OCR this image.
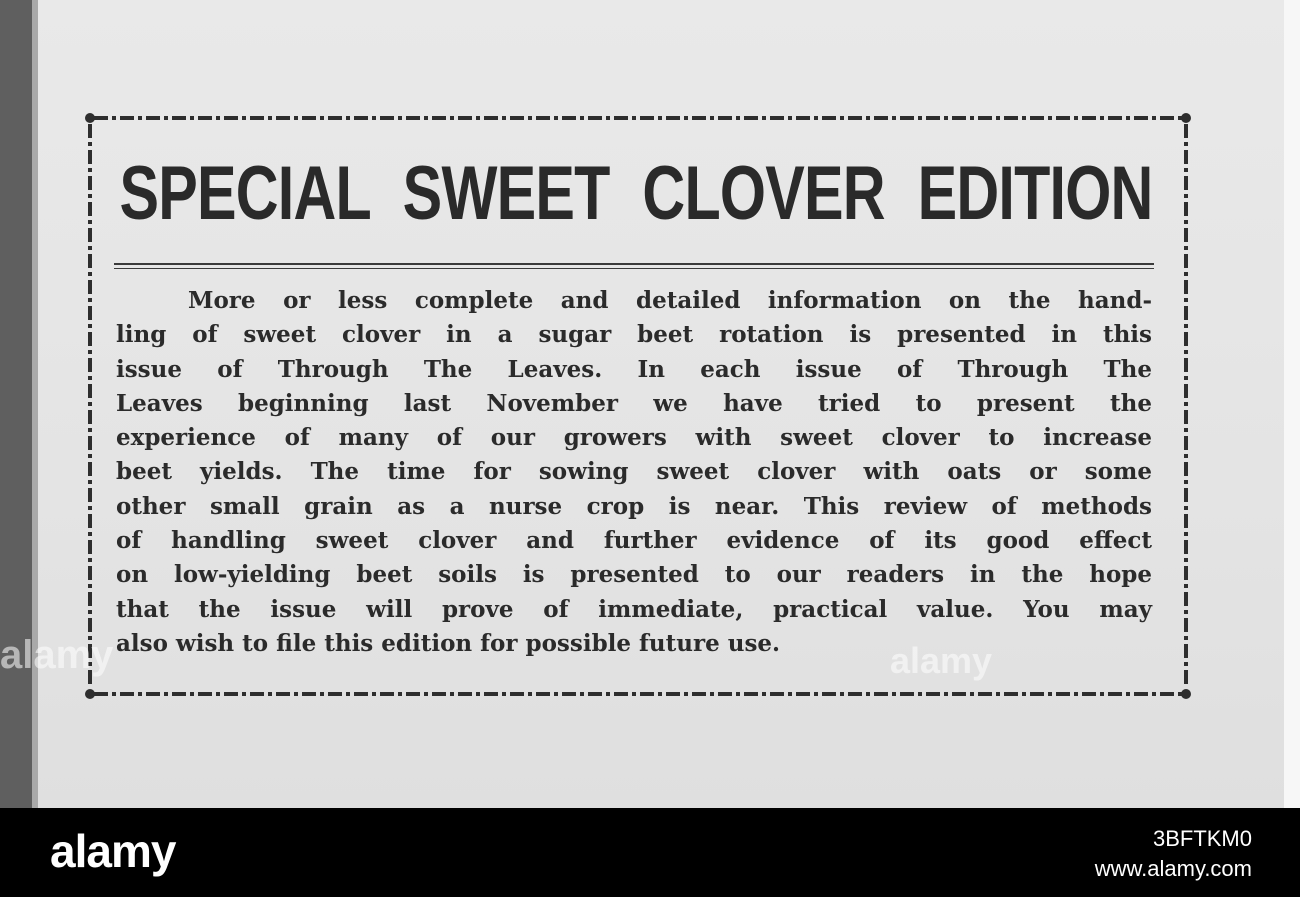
SPECIAL SWEET CLOVER EDITION

More or less complete and detailed information on the hand-
ling of sweet clover in a sugar beet rotation is presented in this
issue of Through The Leaves. In each issue of Through The
Leaves beginning last November we have tried to present the
experience of many of our growers with sweet clover to increase
beet yields. The time for sowing sweet clover with oats or some
other small grain as a nurse crop is near. This review of methods
of handling sweet clover and further evidence of its good effect
on low-yielding beet soils is presented to our readers in the hope
that the issue will prove of immediate, practical value. You may
also wish to file this edition for possible future use.

alamy	alamy
alamy	3BFTKM0
www.alamy.com
